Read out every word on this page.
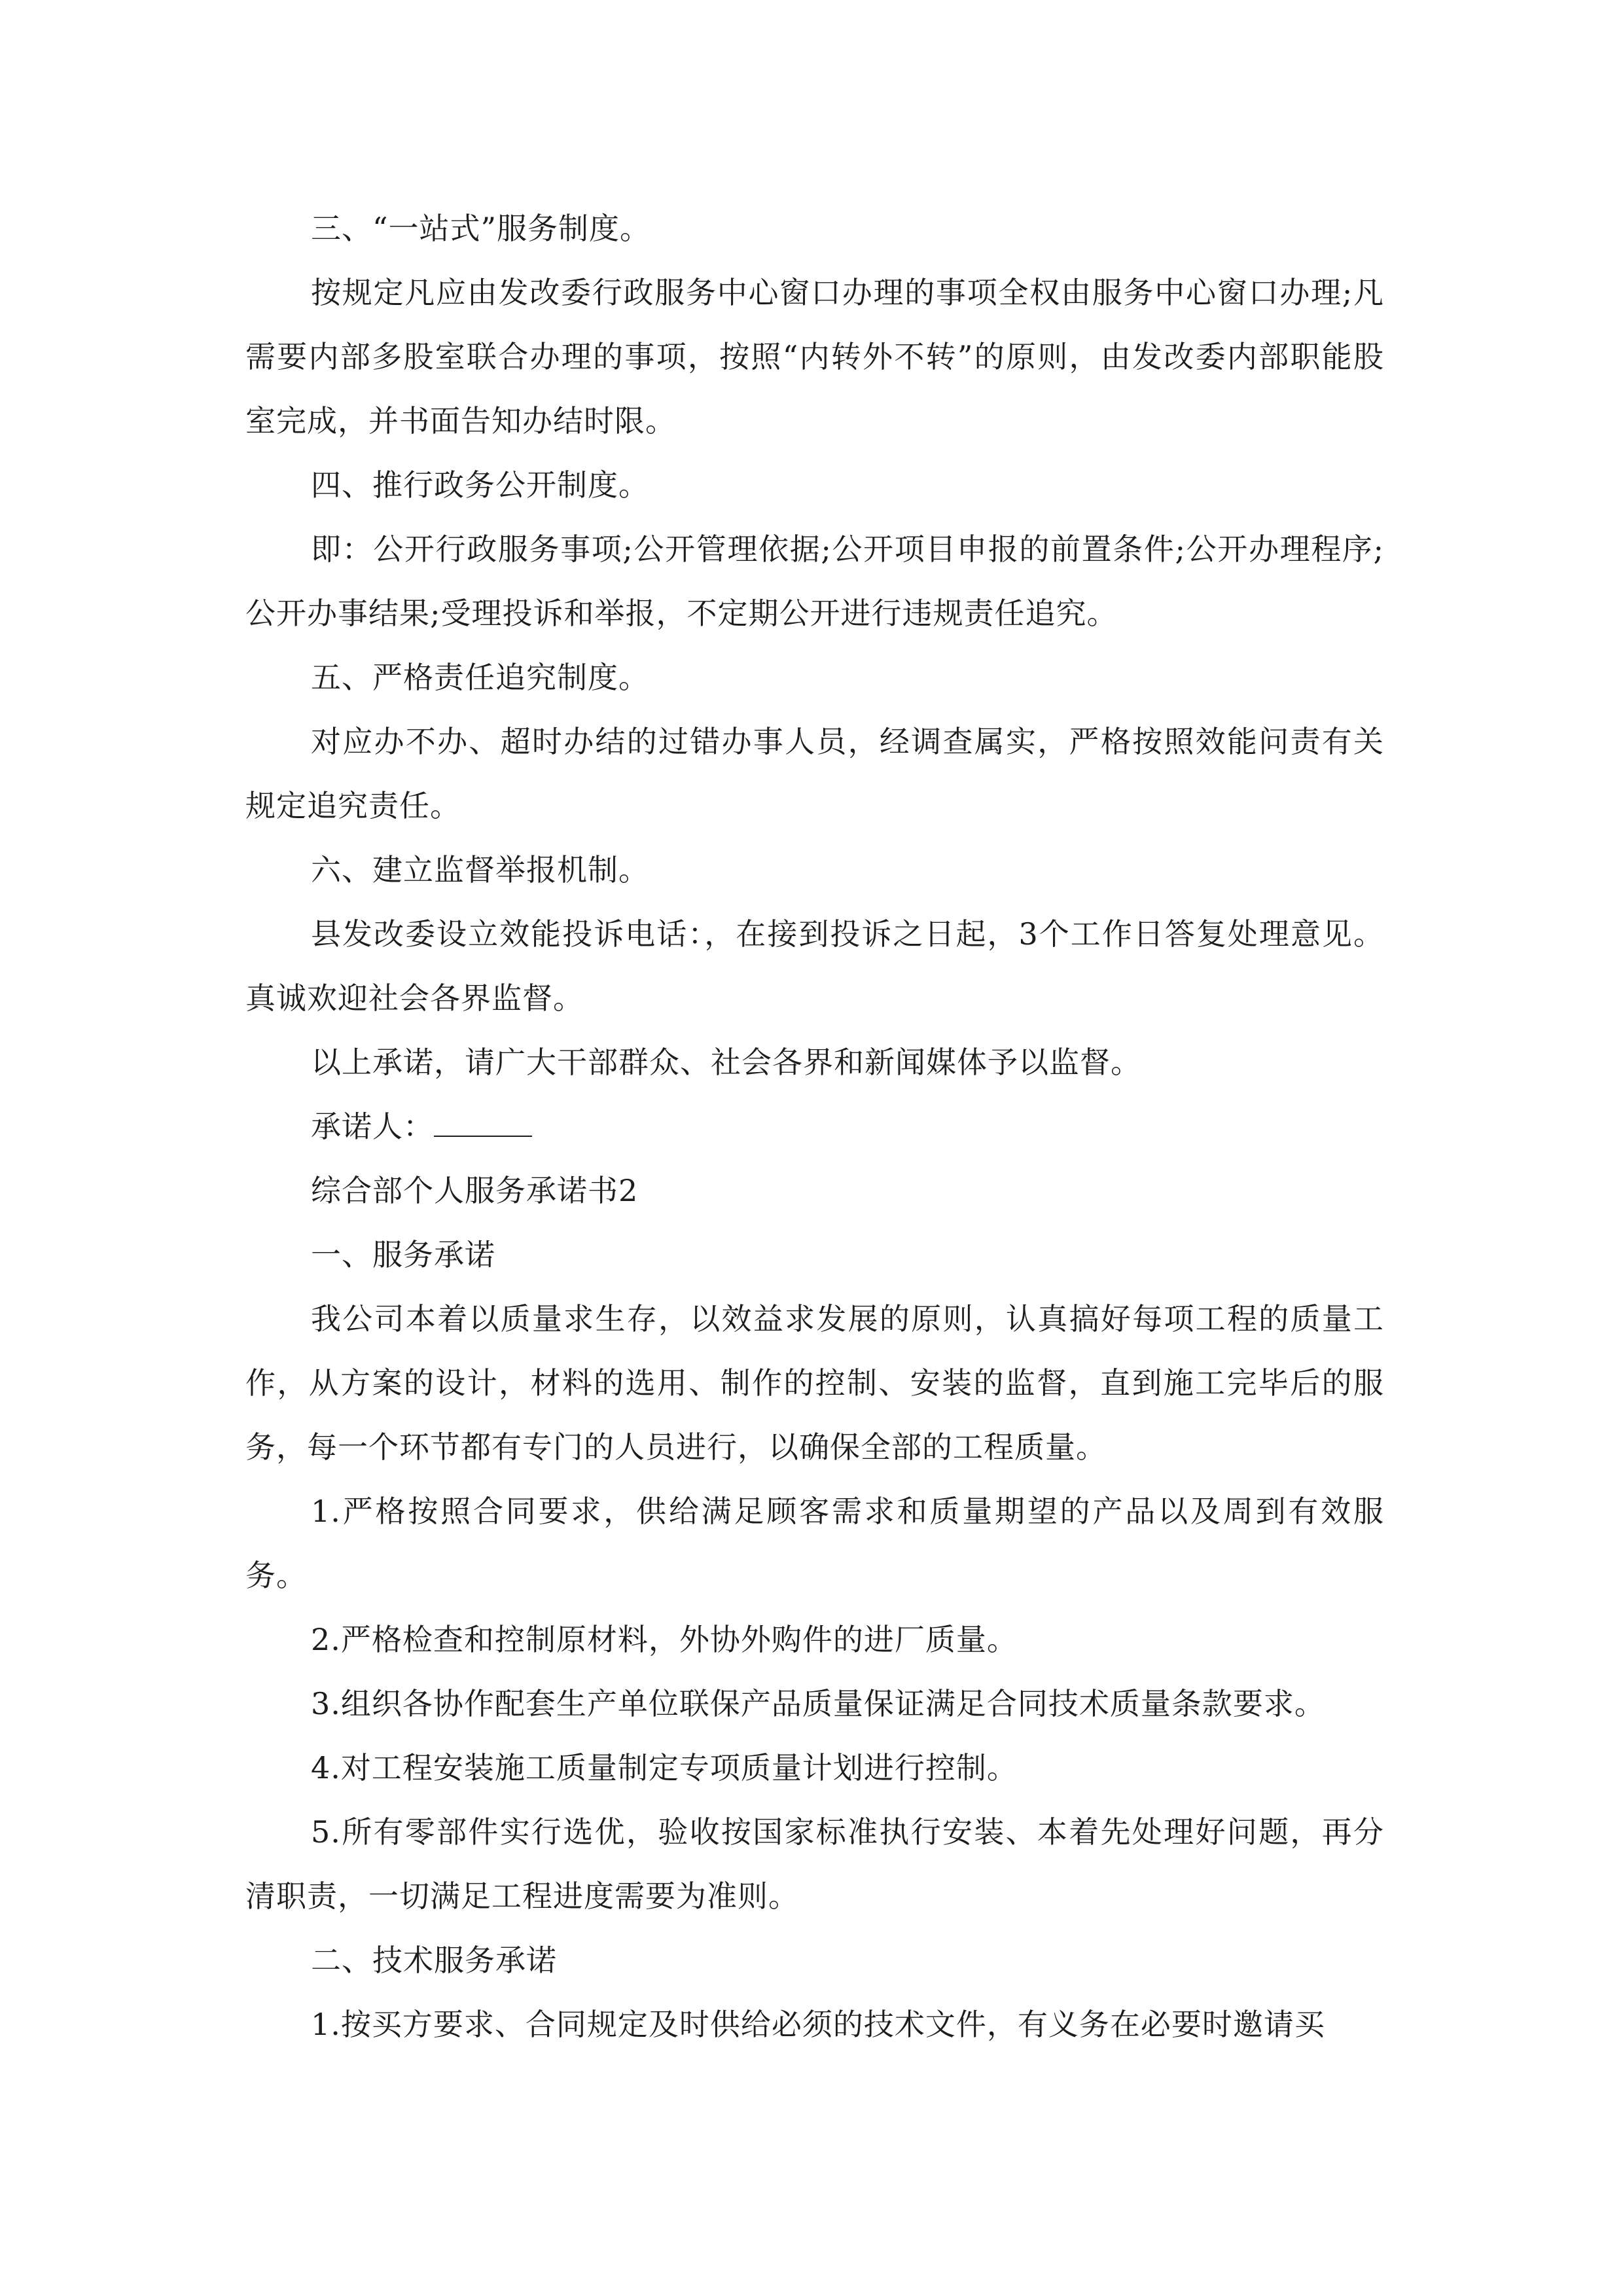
三、“一站式”服务制度。

按规定凡应由发改委行政服务中心窗口办理的事项全权由服务中心窗口办理;凡需要内部多股室联合办理的事项，按照“内转外不转”的原则，由发改委内部职能股室完成，并书面告知办结时限。

四、推行政务公开制度。

即：公开行政服务事项;公开管理依据;公开项目申报的前置条件;公开办理程序;公开办事结果;受理投诉和举报，不定期公开进行违规责任追究。

五、严格责任追究制度。

对应办不办、超时办结的过错办事人员，经调查属实，严格按照效能问责有关规定追究责任。

六、建立监督举报机制。

县发改委设立效能投诉电话：，在接到投诉之日起，3个工作日答复处理意见。真诚欢迎社会各界监督。

以上承诺，请广大干部群众、社会各界和新闻媒体予以监督。

承诺人：

综合部个人服务承诺书2

一、服务承诺

我公司本着以质量求生存，以效益求发展的原则，认真搞好每项工程的质量工作，从方案的设计，材料的选用、制作的控制、安装的监督，直到施工完毕后的服务，每一个环节都有专门的人员进行，以确保全部的工程质量。

1.严格按照合同要求，供给满足顾客需求和质量期望的产品以及周到有效服务。

2.严格检查和控制原材料，外协外购件的进厂质量。

3.组织各协作配套生产单位联保产品质量保证满足合同技术质量条款要求。

4.对工程安装施工质量制定专项质量计划进行控制。

5.所有零部件实行选优，验收按国家标准执行安装、本着先处理好问题，再分清职责，一切满足工程进度需要为准则。

二、技术服务承诺

1.按买方要求、合同规定及时供给必须的技术文件，有义务在必要时邀请买
